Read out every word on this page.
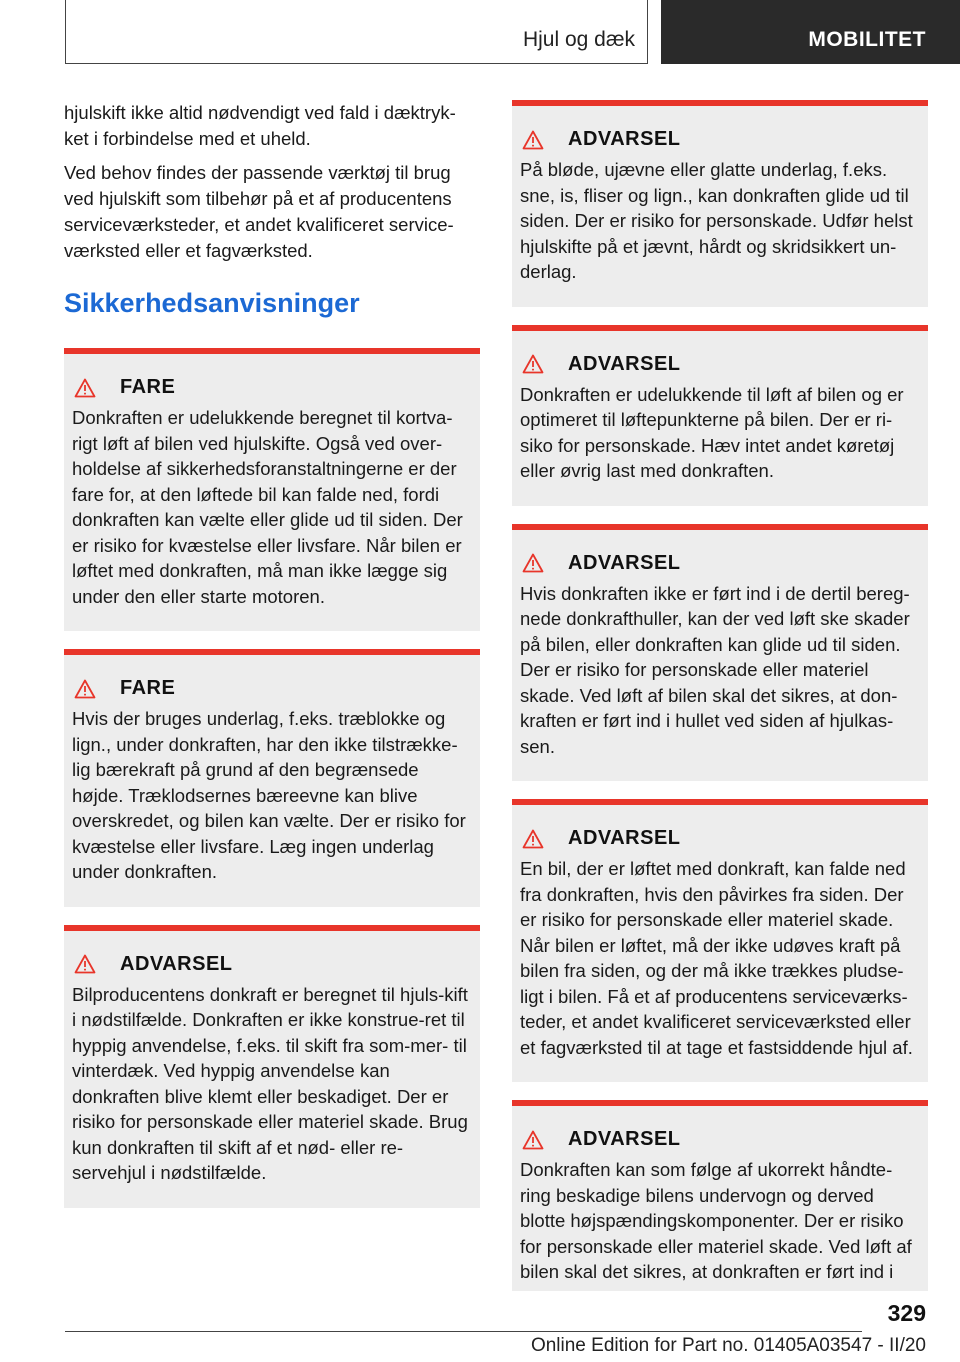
Hjul og dæk	MOBILITET

hjulskift ikke altid nødvendigt ved fald i dæktryk-ket i forbindelse med et uheld.

Ved behov findes der passende værktøj til brug ved hjulskift som tilbehør på et af producentens serviceværksteder, et andet kvalificeret service-værksted eller et fagværksted.

Sikkerhedsanvisninger
FARE

Donkraften er udelukkende beregnet til kortva-rigt løft af bilen ved hjulskifte. Også ved over-holdelse af sikkerhedsforanstaltningerne er der fare for, at den løftede bil kan falde ned, fordi donkraften kan vælte eller glide ud til siden. Der er risiko for kvæstelse eller livsfare. Når bilen er løftet med donkraften, må man ikke lægge sig under den eller starte motoren.

FARE

Hvis der bruges underlag, f.eks. træblokke og lign., under donkraften, har den ikke tilstrække-lig bærekraft på grund af den begrænsede højde. Træklodsernes bæreevne kan blive overskredet, og bilen kan vælte. Der er risiko for kvæstelse eller livsfare. Læg ingen underlag under donkraften.

ADVARSEL

Bilproducentens donkraft er beregnet til hjuls-kift i nødstilfælde. Donkraften er ikke konstrue-ret til hyppig anvendelse, f.eks. til skift fra som-mer- til vinterdæk. Ved hyppig anvendelse kan donkraften blive klemt eller beskadiget. Der er risiko for personskade eller materiel skade. Brug kun donkraften til skift af et nød- eller re-servehjul i nødstilfælde.

ADVARSEL

På bløde, ujævne eller glatte underlag, f.eks. sne, is, fliser og lign., kan donkraften glide ud til siden. Der er risiko for personskade. Udfør helst hjulskifte på et jævnt, hårdt og skridsikkert un-derlag.

ADVARSEL

Donkraften er udelukkende til løft af bilen og er optimeret til løftepunkterne på bilen. Der er ri-siko for personskade. Hæv intet andet køretøj eller øvrig last med donkraften.

ADVARSEL

Hvis donkraften ikke er ført ind i de dertil bereg-nede donkrafthuller, kan der ved løft ske skader på bilen, eller donkraften kan glide ud til siden. Der er risiko for personskade eller materiel skade. Ved løft af bilen skal det sikres, at don-kraften er ført ind i hullet ved siden af hjulkas-sen.

ADVARSEL

En bil, der er løftet med donkraft, kan falde ned fra donkraften, hvis den påvirkes fra siden. Der er risiko for personskade eller materiel skade. Når bilen er løftet, må der ikke udøves kraft på bilen fra siden, og der må ikke trækkes pludse-ligt i bilen. Få et af producentens serviceværks-teder, et andet kvalificeret serviceværksted eller et fagværksted til at tage et fastsiddende hjul af.

ADVARSEL

Donkraften kan som følge af ukorrekt håndte-ring beskadige bilens undervogn og derved blotte højspændingskomponenter. Der er risiko for personskade eller materiel skade. Ved løft af bilen skal det sikres, at donkraften er ført ind i

329
Online Edition for Part no. 01405A03547 - II/20
